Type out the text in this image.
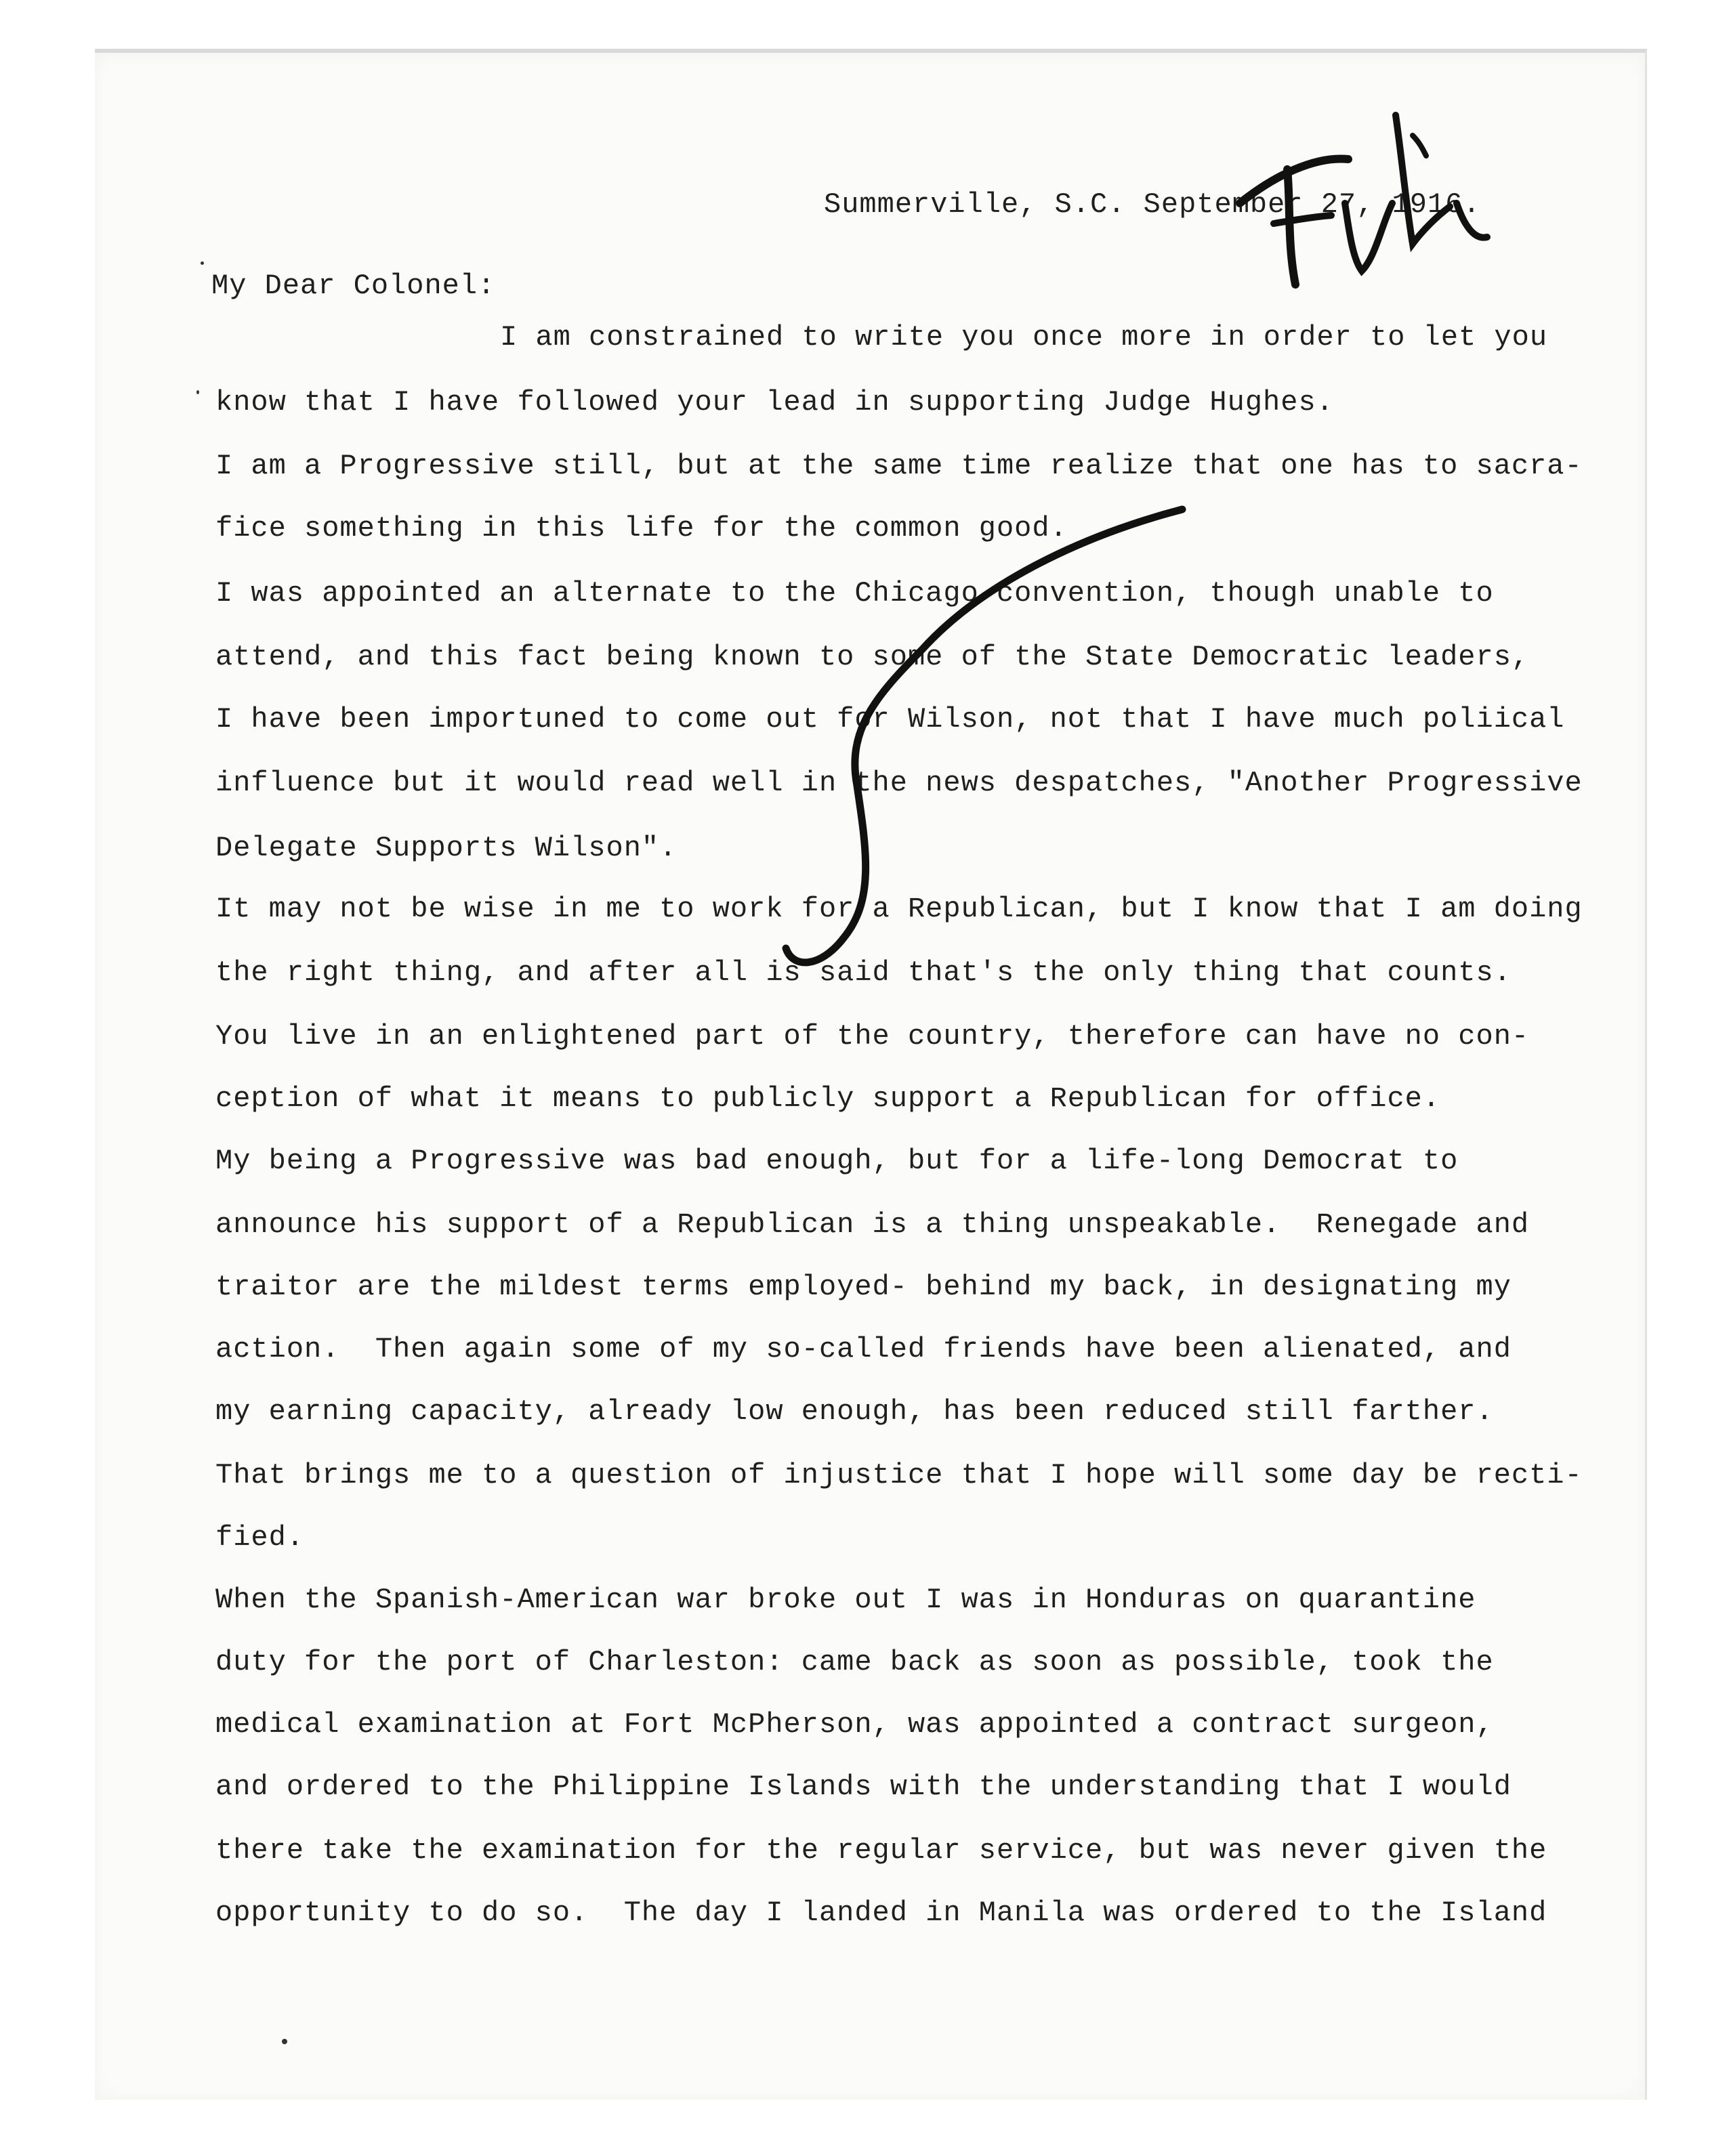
Summerville, S.C. September 27, 1916.
My Dear Colonel:
I am constrained to write you once more in order to let you
know that I have followed your lead in supporting Judge Hughes.
I am a Progressive still, but at the same time realize that one has to sacra-
fice something in this life for the common good.
I was appointed an alternate to the Chicago convention, though unable to
attend, and this fact being known to some of the State Democratic leaders,
I have been importuned to come out for Wilson, not that I have much poliical
influence but it would read well in the news despatches, "Another Progressive
Delegate Supports Wilson".
It may not be wise in me to work for a Republican, but I know that I am doing
the right thing, and after all is said that's the only thing that counts.
You live in an enlightened part of the country, therefore can have no con-
ception of what it means to publicly support a Republican for office.
My being a Progressive was bad enough, but for a life-long Democrat to
announce his support of a Republican is a thing unspeakable.  Renegade and
traitor are the mildest terms employed- behind my back, in designating my
action.  Then again some of my so-called friends have been alienated, and
my earning capacity, already low enough, has been reduced still farther.
That brings me to a question of injustice that I hope will some day be recti-
fied.
When the Spanish-American war broke out I was in Honduras on quarantine
duty for the port of Charleston: came back as soon as possible, took the
medical examination at Fort McPherson, was appointed a contract surgeon,
and ordered to the Philippine Islands with the understanding that I would
there take the examination for the regular service, but was never given the
opportunity to do so.  The day I landed in Manila was ordered to the Island
